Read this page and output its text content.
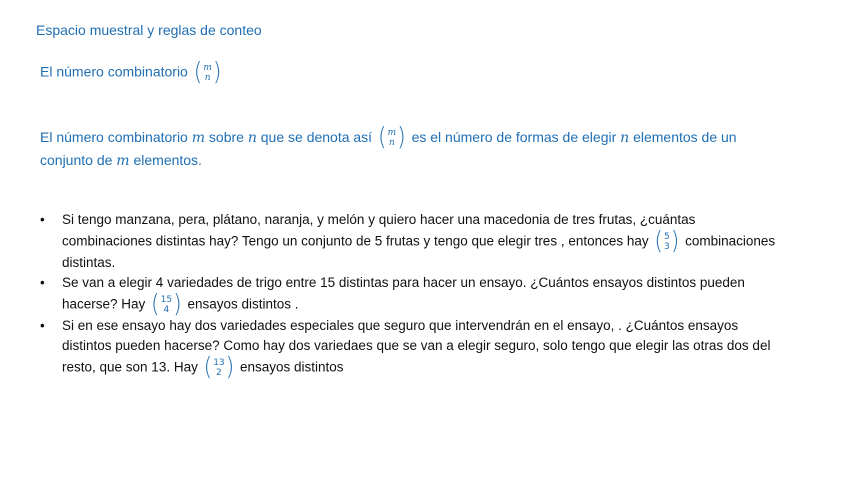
Espacio muestral y reglas de conteo
El número combinatorio ( m
n )
El número combinatorio m sobre n que se denota así ( m
n ) es el número de formas de elegir n elementos de un conjunto de m elementos.

• Si tengo manzana, pera, plátano, naranja, y melón y quiero hacer una macedonia de tres frutas, ¿cuántas combinaciones distintas hay? Tengo un conjunto de 5 frutas y tengo que elegir tres , entonces hay ( 5
3 ) combinaciones distintas.

• Se van a elegir 4 variedades de trigo entre 15 distintas para hacer un ensayo. ¿Cuántos ensayos distintos pueden hacerse? Hay ( 15
4 ) ensayos distintos .

• Si en ese ensayo hay dos variedades especiales que seguro que intervendrán en el ensayo, . ¿Cuántos ensayos distintos pueden hacerse? Como hay dos variedaes que se van a elegir seguro, solo tengo que elegir las otras dos del resto, que son 13. Hay ( 13
2 ) ensayos distintos
